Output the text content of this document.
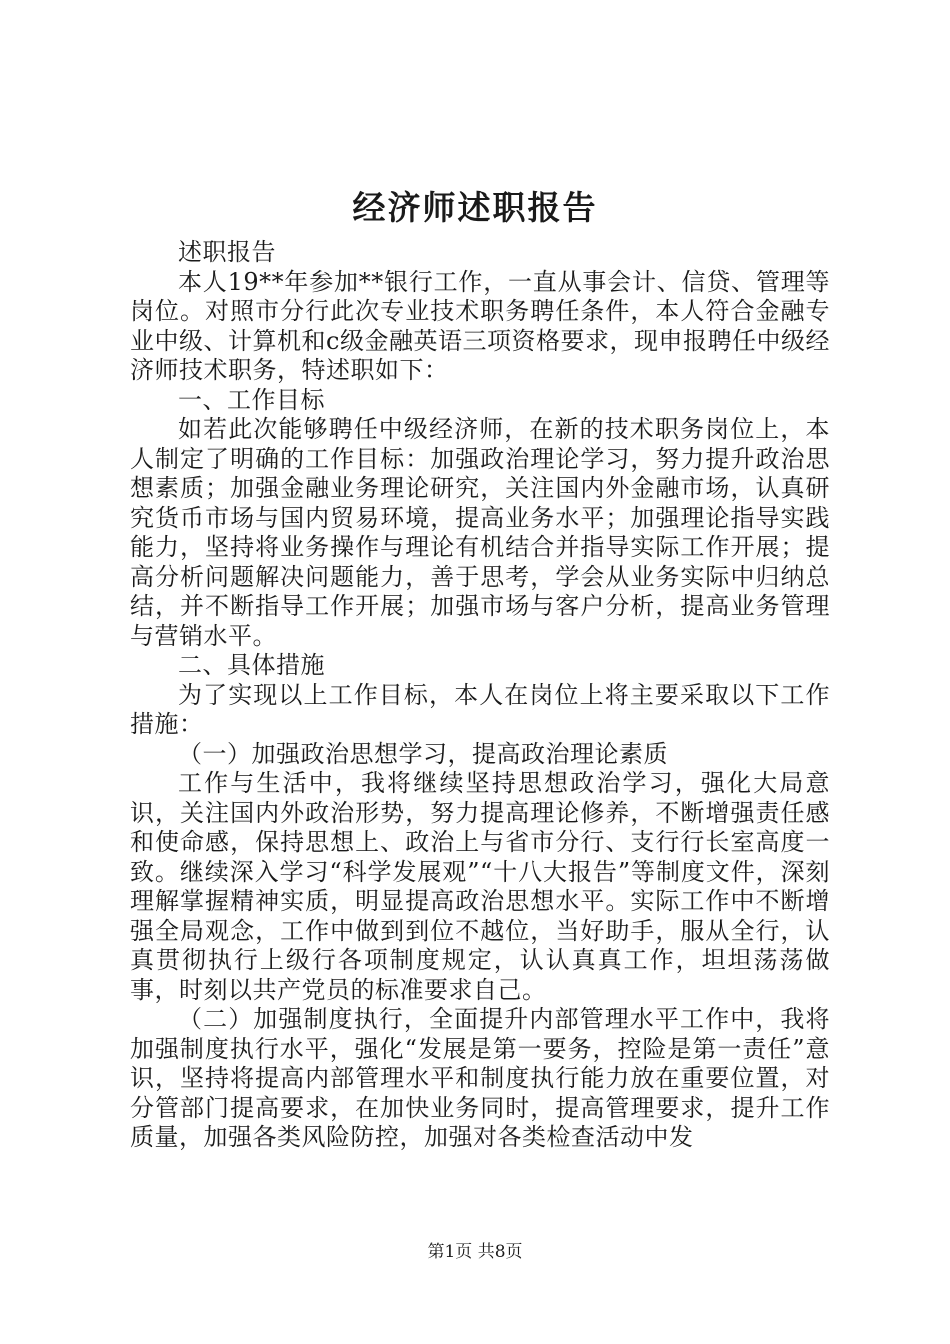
经济师述职报告

述职报告

本人19**年参加**银行工作，一直从事会计、信贷、管理等岗位。对照市分行此次专业技术职务聘任条件，本人符合金融专业中级、计算机和c级金融英语三项资格要求，现申报聘任中级经济师技术职务，特述职如下：

一、工作目标

如若此次能够聘任中级经济师，在新的技术职务岗位上，本人制定了明确的工作目标：加强政治理论学习，努力提升政治思想素质；加强金融业务理论研究，关注国内外金融市场，认真研究货币市场与国内贸易环境，提高业务水平；加强理论指导实践能力，坚持将业务操作与理论有机结合并指导实际工作开展；提高分析问题解决问题能力，善于思考，学会从业务实际中归纳总结，并不断指导工作开展；加强市场与客户分析，提高业务管理与营销水平。

二、具体措施

为了实现以上工作目标，本人在岗位上将主要采取以下工作措施：

（一）加强政治思想学习，提高政治理论素质

工作与生活中，我将继续坚持思想政治学习，强化大局意识，关注国内外政治形势，努力提高理论修养，不断增强责任感和使命感，保持思想上、政治上与省市分行、支行行长室高度一致。继续深入学习“科学发展观”“十八大报告”等制度文件，深刻理解掌握精神实质，明显提高政治思想水平。实际工作中不断增强全局观念，工作中做到到位不越位，当好助手，服从全行，认真贯彻执行上级行各项制度规定，认认真真工作，坦坦荡荡做事，时刻以共产党员的标准要求自己。

（二）加强制度执行，全面提升内部管理水平工作中，我将加强制度执行水平，强化“发展是第一要务，控险是第一责任”意识，坚持将提高内部管理水平和制度执行能力放在重要位置，对分管部门提高要求，在加快业务同时，提高管理要求，提升工作质量，加强各类风险防控，加强对各类检查活动中发

第1页 共8页
